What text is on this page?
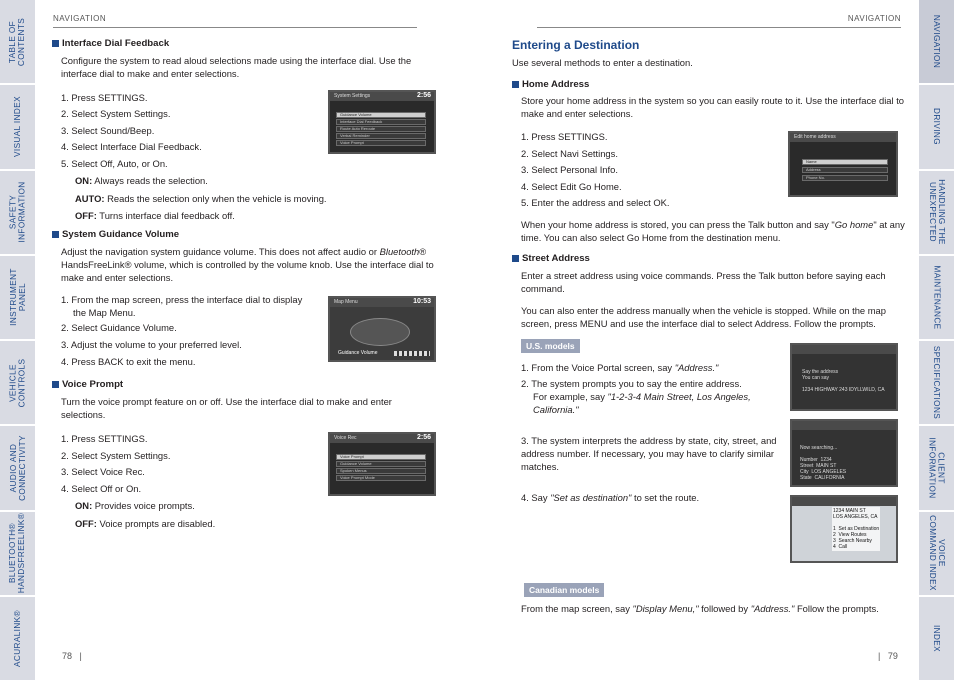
TABLE OF
CONTENTS
VISUAL INDEX
SAFETY
INFORMATION
INSTRUMENT
PANEL
VEHICLE
CONTROLS
AUDIO AND
CONNECTIVITY
BLUETOOTH®
HANDSFREELINK®
ACURALINK®
NAVIGATION
DRIVING
HANDLING THE
UNEXPECTED
MAINTENANCE
SPECIFICATIONS
CLIENT
INFORMATION
VOICE
COMMAND INDEX
INDEX
NAVIGATION
Interface Dial Feedback
Configure the system to read aloud selections made using the interface dial. Use the interface dial to make and enter selections.
1. Press SETTINGS.
2. Select System Settings.
3. Select Sound/Beep.
4. Select Interface Dial Feedback.
5. Select Off, Auto, or On.
ON: Always reads the selection.
AUTO: Reads the selection only when the vehicle is moving.
OFF: Turns interface dial feedback off.
System Settings	2:56
Guidance Volume
Interface Dial Feedback
Route Auto Reroute
Verbal Reminder
Voice Prompt
System Guidance Volume
Adjust the navigation system guidance volume. This does not affect audio or Bluetooth® HandsFreeLink® volume, which is controlled by the volume knob. Use the interface dial to make and enter selections.
1. From the map screen, press the interface dial to display
the Map Menu.
2. Select Guidance Volume.
3. Adjust the volume to your preferred level.
4. Press BACK to exit the menu.
Map Menu	10:53
Guidance Volume
Voice Prompt
Turn the voice prompt feature on or off. Use the interface dial to make and enter selections.
1. Press SETTINGS.
2. Select System Settings.
3. Select Voice Rec.
4. Select Off or On.
ON: Provides voice prompts.
OFF: Voice prompts are disabled.
Voice Rec	2:56
Voice Prompt
Guidance Volume
Spoken Menus
Voice Prompt Mode
78   |
NAVIGATION
Entering a Destination
Use several methods to enter a destination.
Home Address
Store your home address in the system so you can easily route to it. Use the interface dial to make and enter selections.
1. Press SETTINGS.
2. Select Navi Settings.
3. Select Personal Info.
4. Select Edit Go Home.
5. Enter the address and select OK.
When your home address is stored, you can press the Talk button and say "Go home" at any time. You can also select Go Home from the destination menu.
Edit home address
Name
Address
Phone No.
Street Address
Enter a street address using voice commands. Press the Talk button before saying each command.
You can also enter the address manually when the vehicle is stopped. While on the map screen, press MENU and use the interface dial to select Address. Follow the prompts.
U.S. models
1. From the Voice Portal screen, say "Address."
2. The system prompts you to say the entire address.
For example, say "1-2-3-4 Main Street, Los Angeles, California."
3. The system interprets the address by state, city, street, and address number. If necessary, you may have to clarify similar matches.
4. Say "Set as destination" to set the route.
Say the address
You can say

1234 HIGHWAY 243 IDYLLWILD, CA
Now searching...

Number  1234
Street  MAIN ST
City  LOS ANGELES
State  CALIFORNIA
1234 MAIN ST
LOS ANGELES, CA

1  Set as Destination
2  View Routes
3  Search Nearby
4  Call
Canadian models
From the map screen, say "Display Menu," followed by "Address." Follow the prompts.
|   79
